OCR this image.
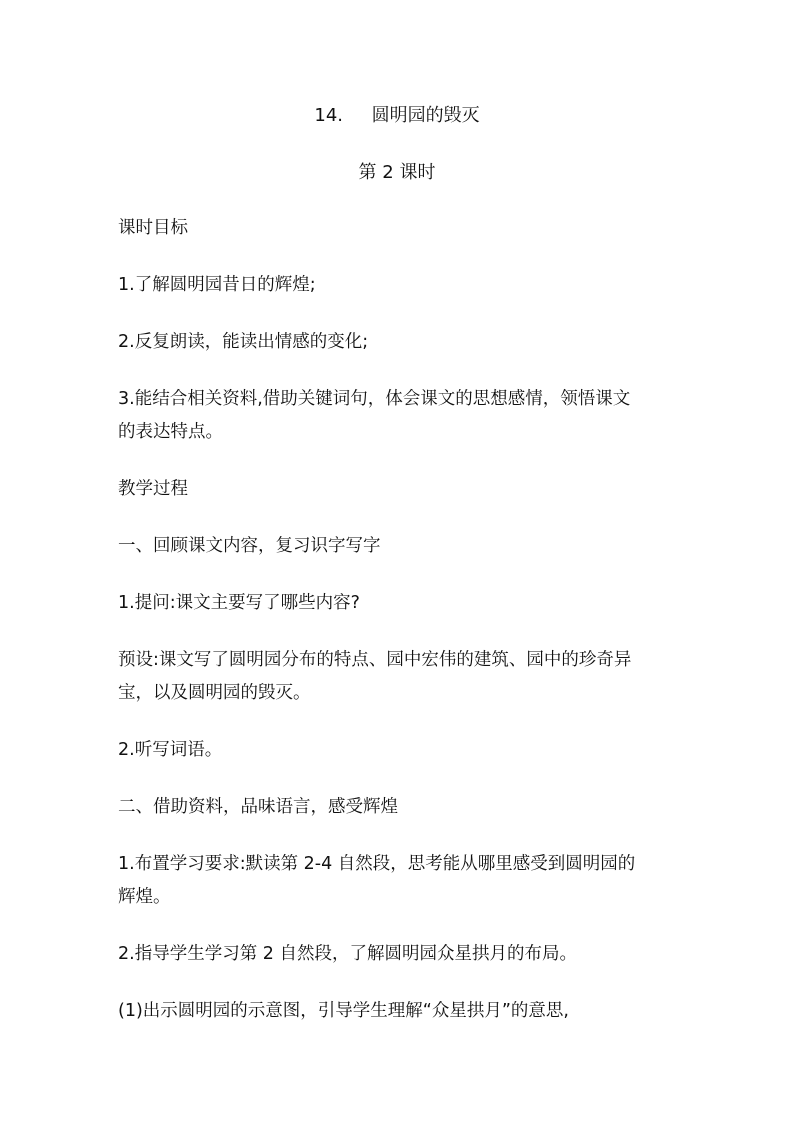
14.     圆明园的毁灭
第 2 课时

课时目标

1.了解圆明园昔日的辉煌;

2.反复朗读，能读出情感的变化;

3.能结合相关资料,借助关键词句，体会课文的思想感情，领悟课文

的表达特点。

教学过程

一、回顾课文内容，复习识字写字

1.提问:课文主要写了哪些内容?

预设:课文写了圆明园分布的特点、园中宏伟的建筑、园中的珍奇异

宝，以及圆明园的毁灭。

2.听写词语。

二、借助资料，品味语言，感受辉煌

1.布置学习要求:默读第 2-4 自然段，思考能从哪里感受到圆明园的

辉煌。

2.指导学生学习第 2 自然段，了解圆明园众星拱月的布局。

(1)出示圆明园的示意图，引导学生理解“众星拱月”的意思,
